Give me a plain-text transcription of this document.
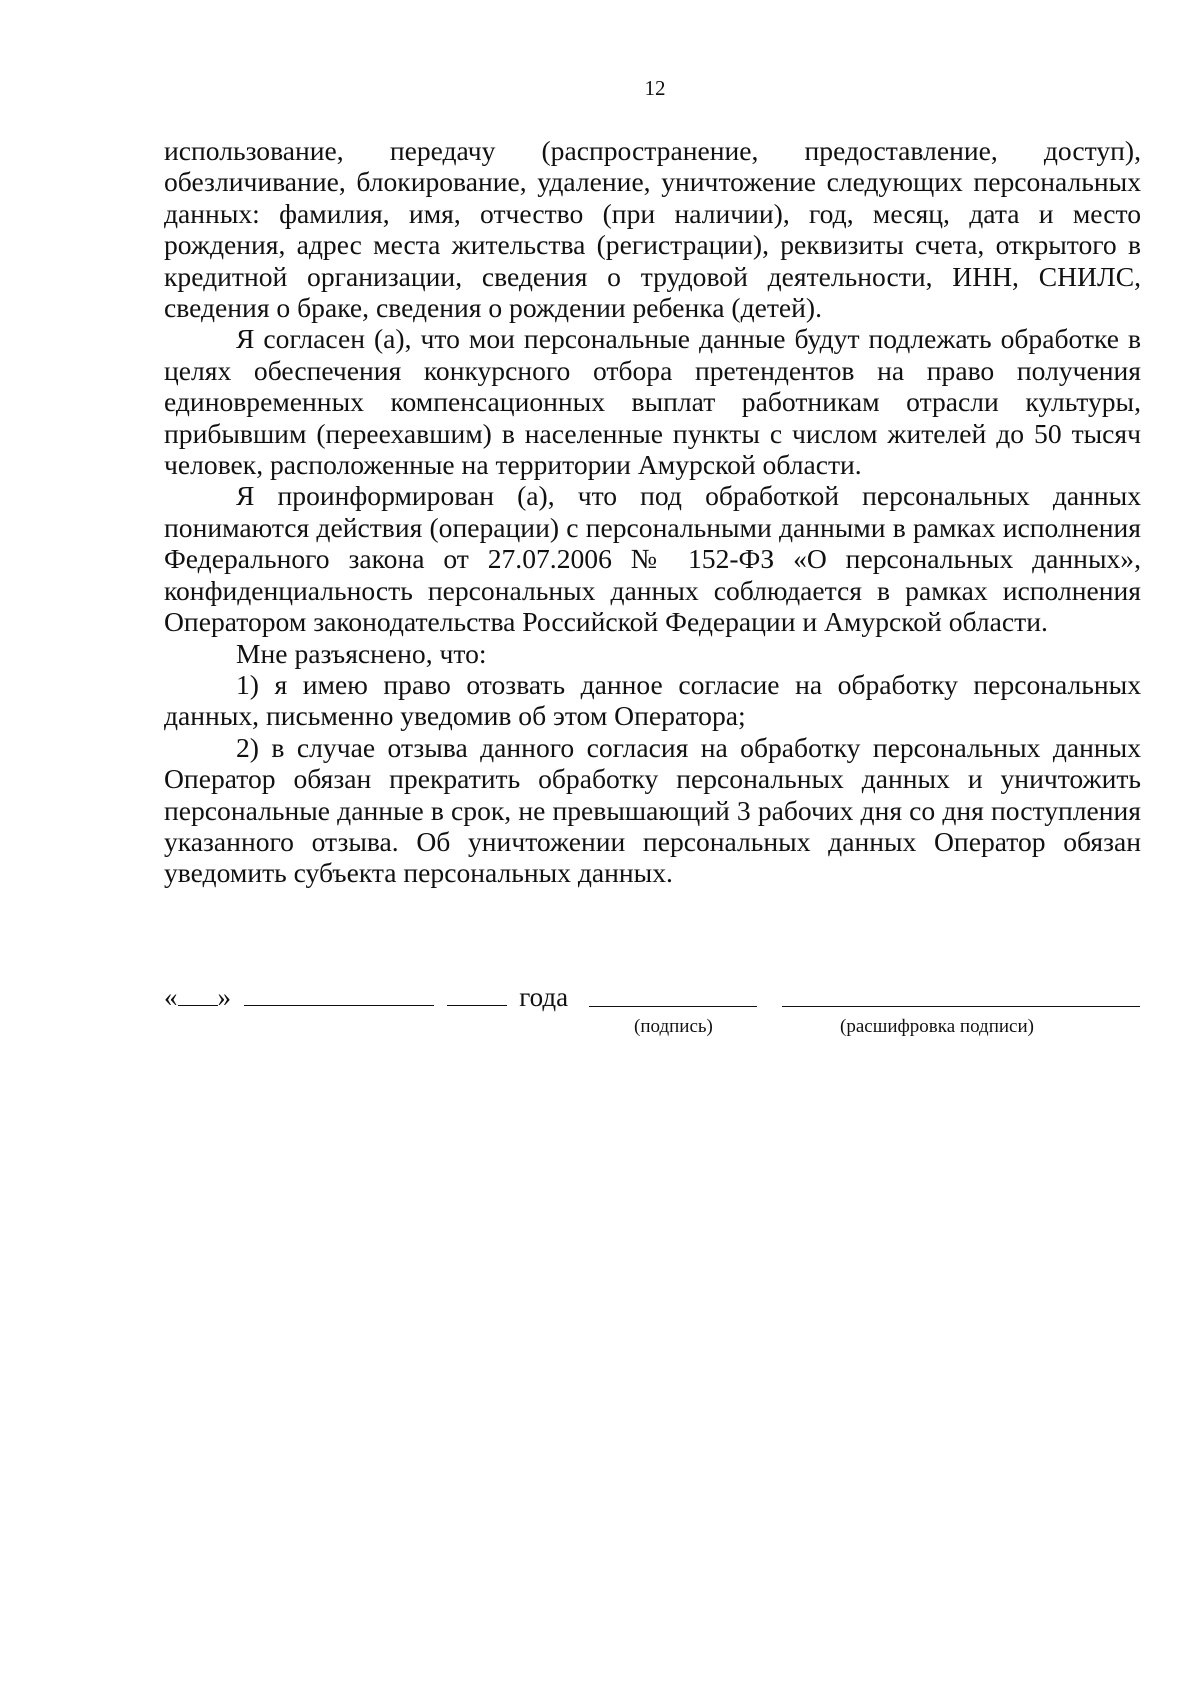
12

использование, передачу (распространение, предоставление, доступ), обезличивание, блокирование, удаление, уничтожение следующих персональных данных: фамилия, имя, отчество (при наличии), год, месяц, дата и место рождения, адрес места жительства (регистрации), реквизиты счета, открытого в кредитной организации, сведения о трудовой деятельности, ИНН, СНИЛС, сведения о браке, сведения о рождении ребенка (детей).

Я согласен (а), что мои персональные данные будут подлежать обработке в целях обеспечения конкурсного отбора претендентов на право получения единовременных компенсационных выплат работникам отрасли культуры, прибывшим (переехавшим) в населенные пункты с числом жителей до 50 тысяч человек, расположенные на территории Амурской области.

Я проинформирован (а), что под обработкой персональных данных понимаются действия (операции) с персональными данными в рамках исполнения Федерального закона от 27.07.2006 № 152-ФЗ «О персональных данных», конфиденциальность персональных данных соблюдается в рамках исполнения Оператором законодательства Российской Федерации и Амурской области.

Мне разъяснено, что:

1) я имею право отозвать данное согласие на обработку персональных данных, письменно уведомив об этом Оператора;

2) в случае отзыва данного согласия на обработку персональных данных Оператор обязан прекратить обработку персональных данных и уничтожить персональные данные в срок, не превышающий 3 рабочих дня со дня поступления указанного отзыва. Об уничтожении персональных данных Оператор обязан уведомить субъекта персональных данных.

« »	года
(подпись)	(расшифровка подписи)
